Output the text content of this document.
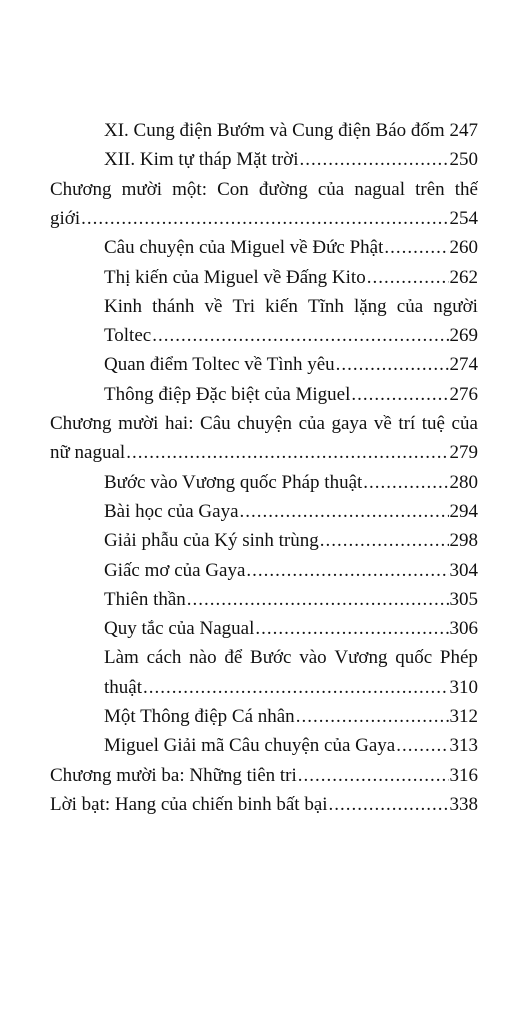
XI. Cung điện Bướm và Cung điện Báo đốm 247
XII. Kim tự tháp Mặt trời .....	250
Chương mười một: Con đường của nagual trên thế
giới .....	254
Câu chuyện của Miguel về Đức Phật .....	260
Thị kiến của Miguel về Đấng Kito .....	262
Kinh thánh về Tri kiến Tĩnh lặng của người
Toltec .....	269
Quan điểm Toltec về Tình yêu .....	274
Thông điệp Đặc biệt của Miguel .....	276
Chương mười hai: Câu chuyện của gaya về trí tuệ của
nữ nagual .....	279
Bước vào Vương quốc Pháp thuật .....	280
Bài học của Gaya .....	294
Giải phẫu của Ký sinh trùng .....	298
Giấc mơ của Gaya .....	304
Thiên thần .....	305
Quy tắc của Nagual .....	306
Làm cách nào để Bước vào Vương quốc Phép
thuật .....	310
Một Thông điệp Cá nhân .....	312
Miguel Giải mã Câu chuyện của Gaya .....	313
Chương mười ba: Những tiên tri .....	316
Lời bạt: Hang của chiến binh bất bại .....	338
